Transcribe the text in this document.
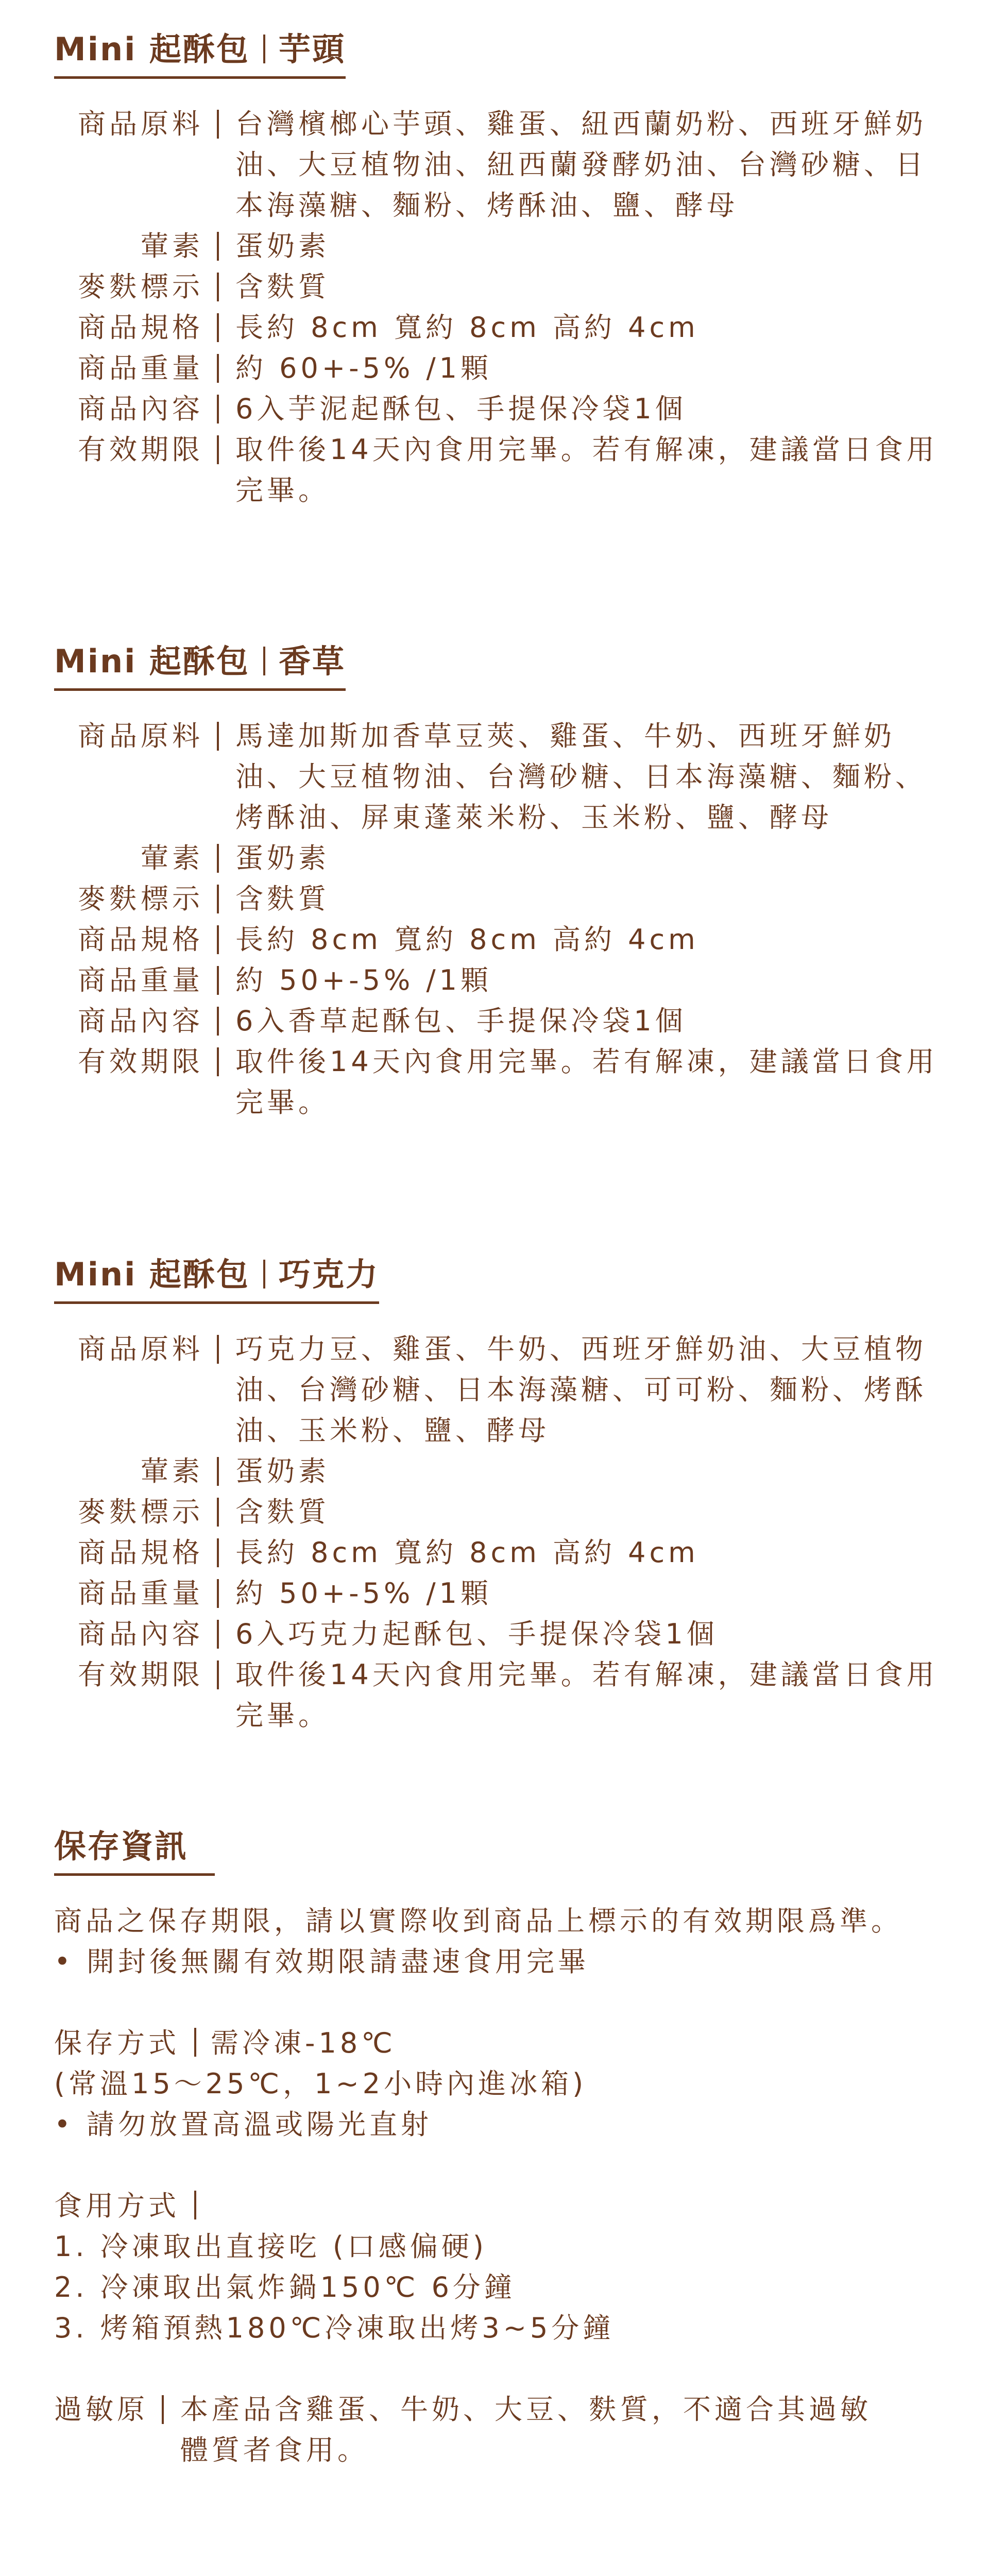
Mini 起酥包 芋頭
商品原料 台灣檳榔心芋頭、雞蛋、紐西蘭奶粉、西班牙鮮奶油、大豆植物油、紐西蘭發酵奶油、台灣砂糖、日本海藻糖、麵粉、烤酥油、鹽、酵母
葷素 蛋奶素
麥麩標示 含麩質
商品規格 長約 8cm 寬約 8cm 高約 4cm
商品重量 約 60+-5% /1顆
商品內容 6入芋泥起酥包、手提保冷袋1個
有效期限 取件後14天內食用完畢。若有解凍，建議當日食用完畢。
Mini 起酥包 香草
商品原料 馬達加斯加香草豆莢、雞蛋、牛奶、西班牙鮮奶油、大豆植物油、台灣砂糖、日本海藻糖、麵粉、烤酥油、屏東蓬萊米粉、玉米粉、鹽、酵母
葷素 蛋奶素
麥麩標示 含麩質
商品規格 長約 8cm 寬約 8cm 高約 4cm
商品重量 約 50+-5% /1顆
商品內容 6入香草起酥包、手提保冷袋1個
有效期限 取件後14天內食用完畢。若有解凍，建議當日食用完畢。
Mini 起酥包 巧克力
商品原料 巧克力豆、雞蛋、牛奶、西班牙鮮奶油、大豆植物油、台灣砂糖、日本海藻糖、可可粉、麵粉、烤酥油、玉米粉、鹽、酵母
葷素 蛋奶素
麥麩標示 含麩質
商品規格 長約 8cm 寬約 8cm 高約 4cm
商品重量 約 50+-5% /1顆
商品內容 6入巧克力起酥包、手提保冷袋1個
有效期限 取件後14天內食用完畢。若有解凍，建議當日食用完畢。
保存資訊
商品之保存期限，請以實際收到商品上標示的有效期限爲準。
• 開封後無關有效期限請盡速食用完畢
保存方式 需冷凍-18℃
(常溫15～25℃，1~2小時內進冰箱)
• 請勿放置高溫或陽光直射
食用方式
1. 冷凍取出直接吃 (口感偏硬)
2. 冷凍取出氣炸鍋150℃ 6分鐘
3. 烤箱預熱180℃冷凍取出烤3~5分鐘
過敏原 本產品含雞蛋、牛奶、大豆、麩質，不適合其過敏體質者食用。
